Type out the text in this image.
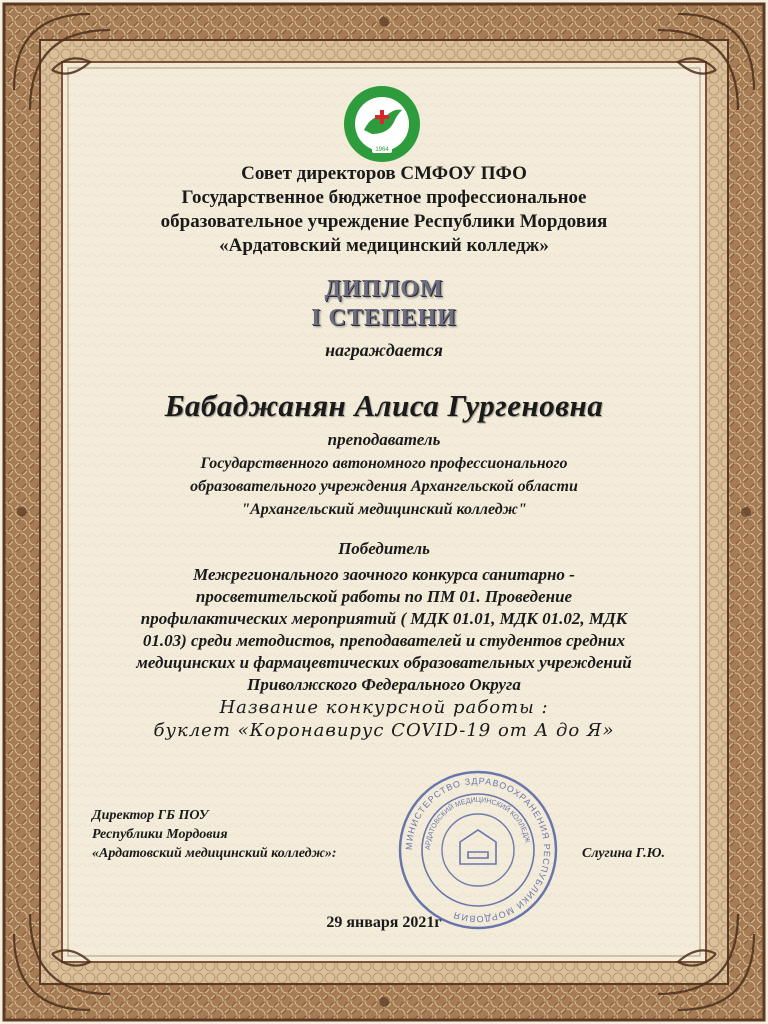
1964
Совет директоров СМФОУ ПФО
Государственное бюджетное профессиональное
образовательное учреждение Республики Мордовия
«Ардатовский медицинский колледж»
ДИПЛОМ
I СТЕПЕНИ
награждается
Бабаджанян Алиса Гургеновна
преподаватель
Государственного автономного профессионального
образовательного учреждения Архангельской области
"Архангельский медицинский колледж"
Победитель
Межрегионального заочного конкурса санитарно -
просветительской работы по ПМ 01. Проведение
профилактических мероприятий ( МДК 01.01, МДК 01.02, МДК
01.03) среди методистов, преподавателей и студентов средних
медицинских и фармацевтических образовательных учреждений
Приволжского Федерального Округа
Название конкурсной работы :
буклет «Коронавирус COVID-19 от А до Я»
МИНИСТЕРСТВО ЗДРАВООХРАНЕНИЯ РЕСПУБЛИКИ МОРДОВИЯ
АРДАТОВСКИЙ МЕДИЦИНСКИЙ КОЛЛЕДЖ
Директор ГБ ПОУ
Республики Мордовия
«Ардатовский медицинский колледж»:	Слугина Г.Ю.
29 января 2021г
